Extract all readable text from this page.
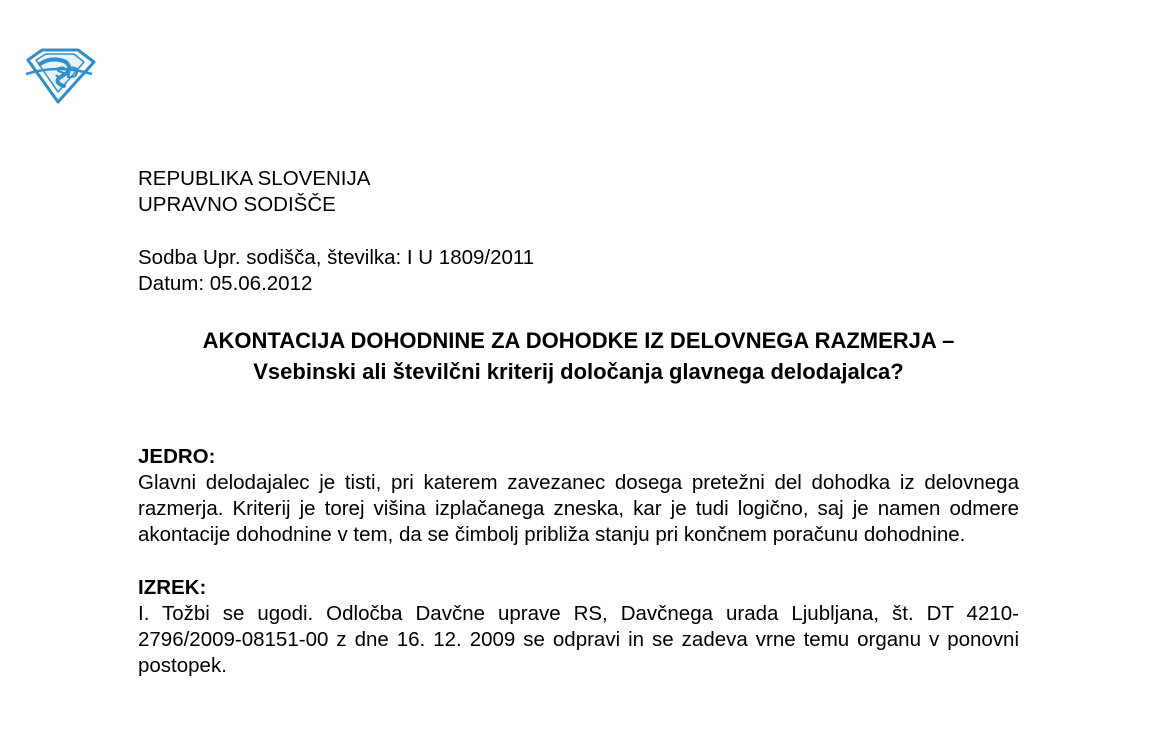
SD

REPUBLIKA SLOVENIJA

UPRAVNO SODIŠČE

Sodba Upr. sodišča, številka: I U 1809/2011

Datum: 05.06.2012

AKONTACIJA DOHODNINE ZA DOHODKE IZ DELOVNEGA RAZMERJA – Vsebinski ali številčni kriterij določanja glavnega delodajalca?

JEDRO:

Glavni delodajalec je tisti, pri katerem zavezanec dosega pretežni del dohodka iz delovnega razmerja. Kriterij je torej višina izplačanega zneska, kar je tudi logično, saj je namen odmere akontacije dohodnine v tem, da se čimbolj približa stanju pri končnem poračunu dohodnine.

IZREK:

I. Tožbi se ugodi. Odločba Davčne uprave RS, Davčnega urada Ljubljana, št. DT 4210-2796/2009-08151-00 z dne 16. 12. 2009 se odpravi in se zadeva vrne temu organu v ponovni postopek.
